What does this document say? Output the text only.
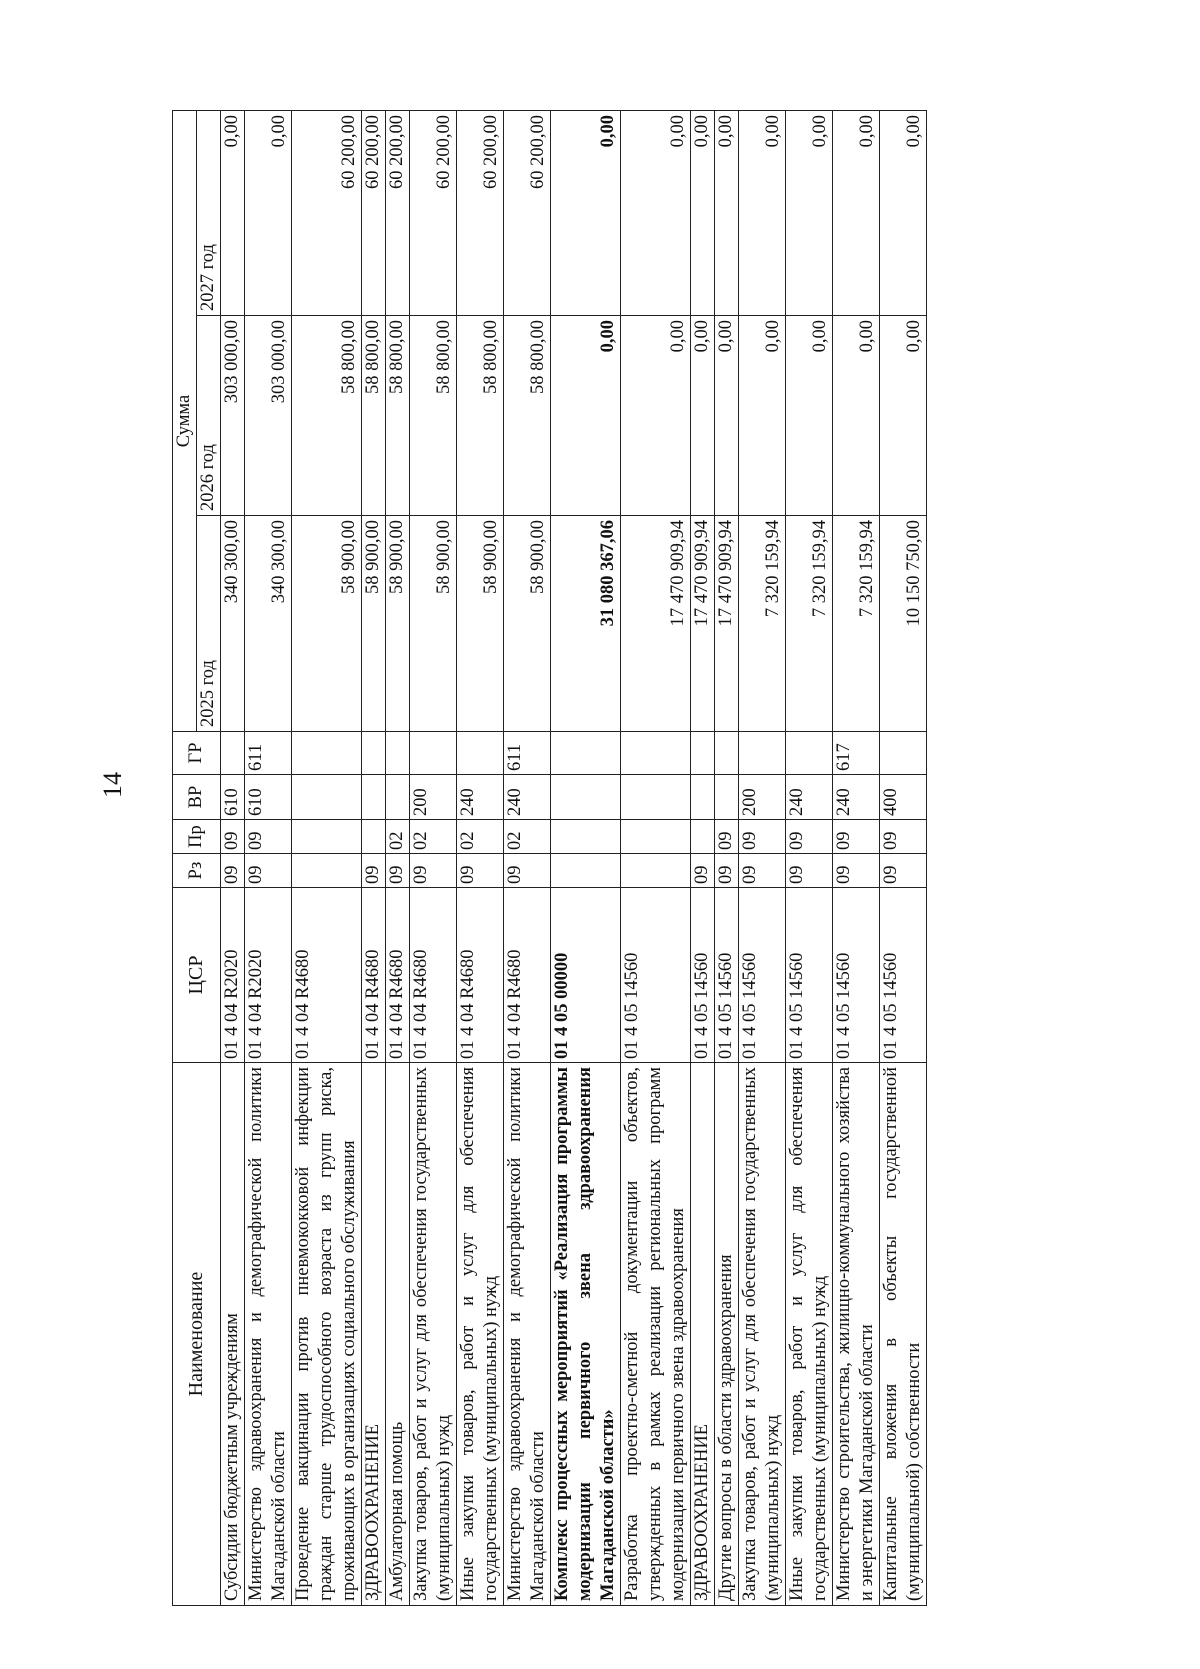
14
Наименование	ЦСР	Рз	Пр	ВР	ГР	Сумма		
						2025 год	2026 год	2027 год
Субсидии бюджетным учреждениям	01 4 04 R2020	09	09	610		340 300,00	303 000,00	0,00
Министерство здравоохранения и демографической политики Магаданской области	01 4 04 R2020	09	09	610	611	340 300,00	303 000,00	0,00
Проведение вакцинации против пневмококковой инфекции граждан старше трудоспособного возраста из групп риска, проживающих в организациях социального обслуживания	01 4 04 R4680					58 900,00	58 800,00	60 200,00
ЗДРАВООХРАНЕНИЕ	01 4 04 R4680	09				58 900,00	58 800,00	60 200,00
Амбулаторная помощь	01 4 04 R4680	09	02			58 900,00	58 800,00	60 200,00
Закупка товаров, работ и услуг для обеспечения государственных (муниципальных) нужд	01 4 04 R4680	09	02	200		58 900,00	58 800,00	60 200,00
Иные закупки товаров, работ и услуг для обеспечения государственных (муниципальных) нужд	01 4 04 R4680	09	02	240		58 900,00	58 800,00	60 200,00
Министерство здравоохранения и демографической политики Магаданской области	01 4 04 R4680	09	02	240	611	58 900,00	58 800,00	60 200,00
Комплекс процессных мероприятий «Реализация программы модернизации первичного звена здравоохранения Магаданской области»	01 4 05 00000					31 080 367,06	0,00	0,00
Разработка проектно-сметной документации объектов, утвержденных в рамках реализации региональных программ модернизации первичного звена здравоохранения	01 4 05 14560					17 470 909,94	0,00	0,00
ЗДРАВООХРАНЕНИЕ	01 4 05 14560	09				17 470 909,94	0,00	0,00
Другие вопросы в области здравоохранения	01 4 05 14560	09	09			17 470 909,94	0,00	0,00
Закупка товаров, работ и услуг для обеспечения государственных (муниципальных) нужд	01 4 05 14560	09	09	200		7 320 159,94	0,00	0,00
Иные закупки товаров, работ и услуг для обеспечения государственных (муниципальных) нужд	01 4 05 14560	09	09	240		7 320 159,94	0,00	0,00
Министерство строительства, жилищно-коммунального хозяйства и энергетики Магаданской области	01 4 05 14560	09	09	240	617	7 320 159,94	0,00	0,00
Капитальные вложения в объекты государственной (муниципальной) собственности	01 4 05 14560	09	09	400		10 150 750,00	0,00	0,00
